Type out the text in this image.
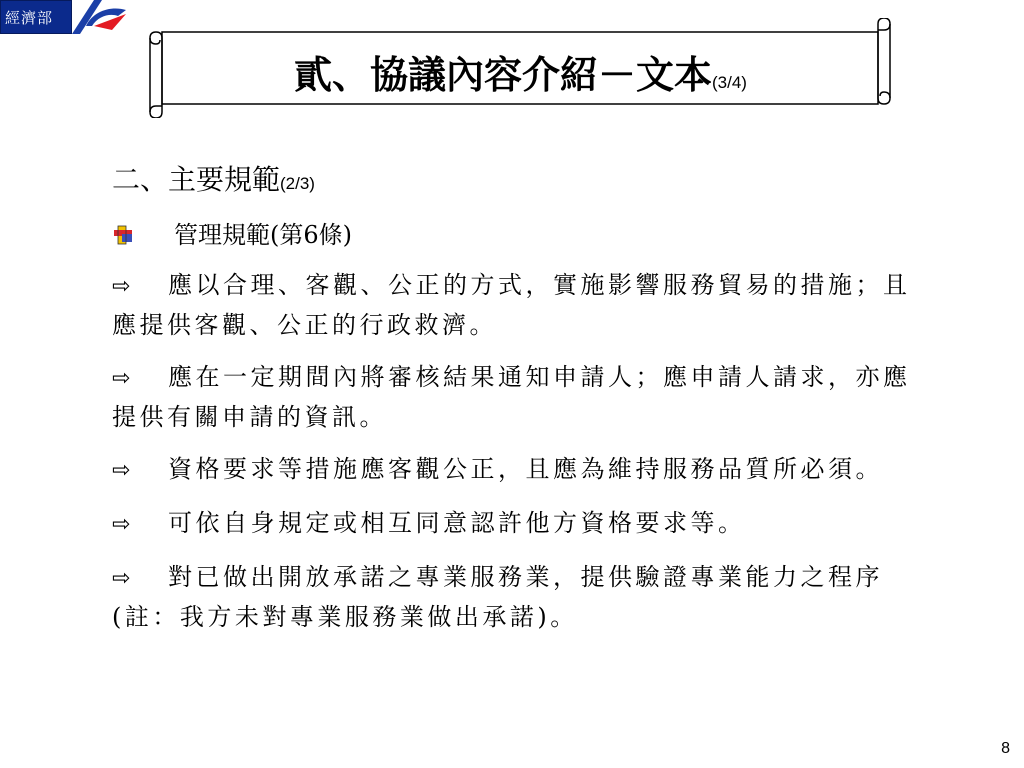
經濟部
貳、協議內容介紹－文本(3/4)
二、主要規範(2/3)
管理規範(第6條)
⇨ 應以合理、客觀、公正的方式，實施影響服務貿易的措施；且應提供客觀、公正的行政救濟。
⇨ 應在一定期間內將審核結果通知申請人；應申請人請求，亦應提供有關申請的資訊。
⇨ 資格要求等措施應客觀公正，且應為維持服務品質所必須。
⇨ 可依自身規定或相互同意認許他方資格要求等。
⇨ 對已做出開放承諾之專業服務業，提供驗證專業能力之程序(註：我方未對專業服務業做出承諾)。
8
